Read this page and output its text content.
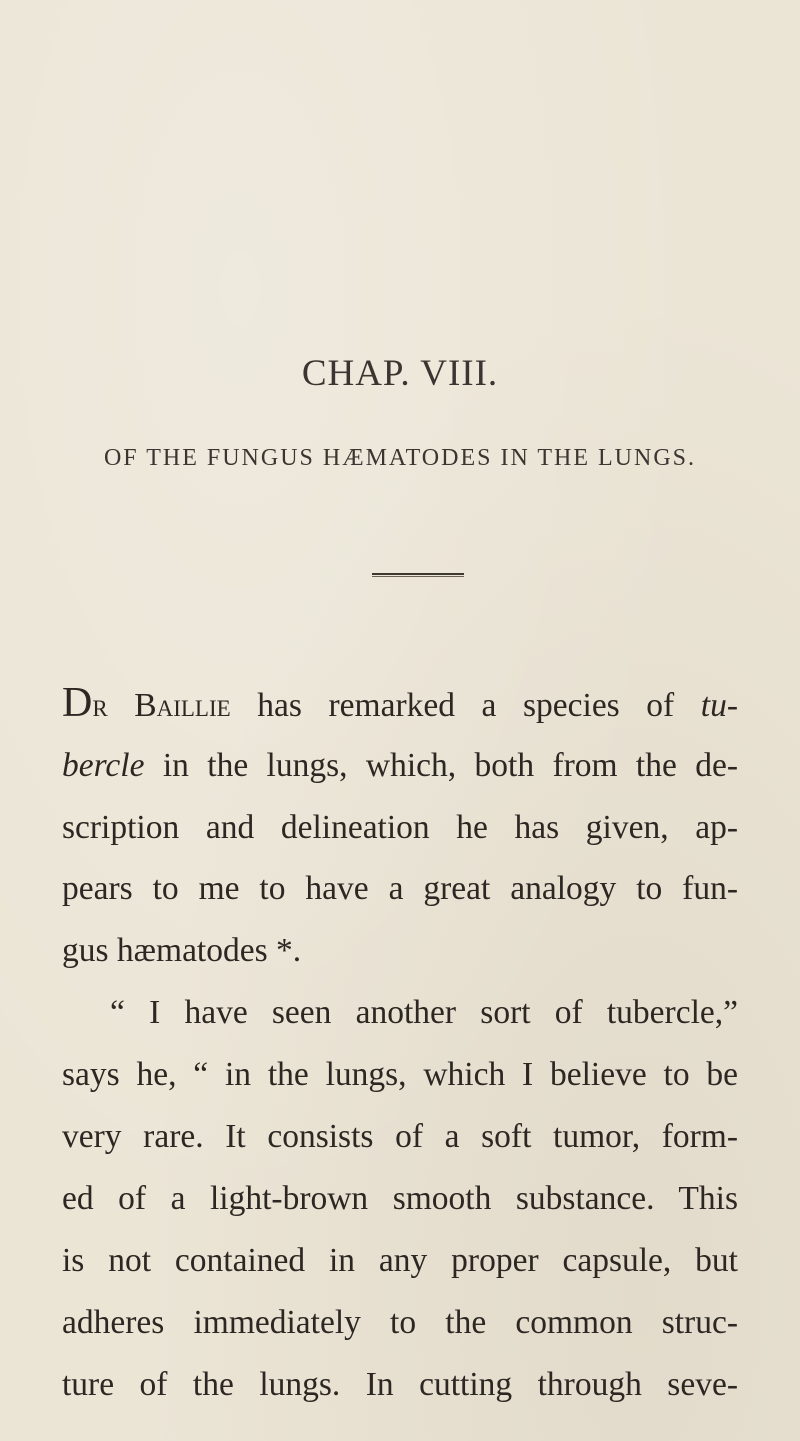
CHAP. VIII.
OF THE FUNGUS HÆMATODES IN THE LUNGS.
Dr Baillie has remarked a species of tu-
bercle in the lungs, which, both from the de-
scription and delineation he has given, ap-
pears to me to have a great analogy to fun-
gus hæmatodes *.
“ I have seen another sort of tubercle,”
says he, “ in the lungs, which I believe to be
very rare. It consists of a soft tumor, form-
ed of a light-brown smooth substance. This
is not contained in any proper capsule, but
adheres immediately to the common struc-
ture of the lungs. In cutting through seve-
